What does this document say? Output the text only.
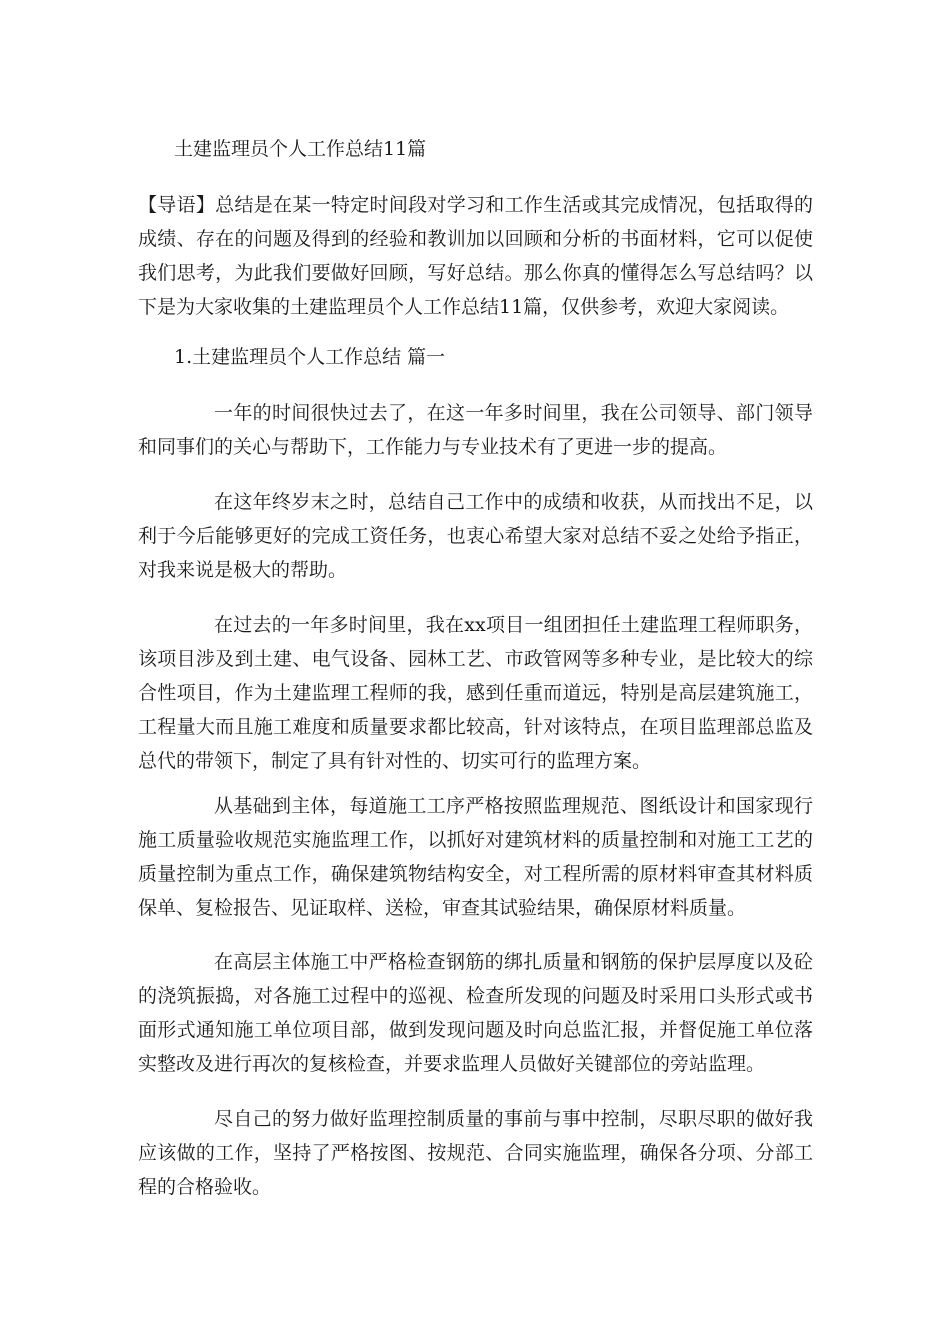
土建监理员个人工作总结11篇
【导语】总结是在某一特定时间段对学习和工作生活或其完成情况，包括取得的成绩、存在的问题及得到的经验和教训加以回顾和分析的书面材料，它可以促使我们思考，为此我们要做好回顾，写好总结。那么你真的懂得怎么写总结吗？以下是为大家收集的土建监理员个人工作总结11篇，仅供参考，欢迎大家阅读。
1.土建监理员个人工作总结 篇一
一年的时间很快过去了，在这一年多时间里，我在公司领导、部门领导和同事们的关心与帮助下，工作能力与专业技术有了更进一步的提高。
在这年终岁末之时，总结自己工作中的成绩和收获，从而找出不足，以利于今后能够更好的完成工资任务，也衷心希望大家对总结不妥之处给予指正，对我来说是极大的帮助。
在过去的一年多时间里，我在xx项目一组团担任土建监理工程师职务，该项目涉及到土建、电气设备、园林工艺、市政管网等多种专业，是比较大的综合性项目，作为土建监理工程师的我，感到任重而道远，特别是高层建筑施工，工程量大而且施工难度和质量要求都比较高，针对该特点，在项目监理部总监及总代的带领下，制定了具有针对性的、切实可行的监理方案。
从基础到主体，每道施工工序严格按照监理规范、图纸设计和国家现行施工质量验收规范实施监理工作，以抓好对建筑材料的质量控制和对施工工艺的质量控制为重点工作，确保建筑物结构安全，对工程所需的原材料审查其材料质保单、复检报告、见证取样、送检，审查其试验结果，确保原材料质量。
在高层主体施工中严格检查钢筋的绑扎质量和钢筋的保护层厚度以及砼的浇筑振捣，对各施工过程中的巡视、检查所发现的问题及时采用口头形式或书面形式通知施工单位项目部，做到发现问题及时向总监汇报，并督促施工单位落实整改及进行再次的复核检查，并要求监理人员做好关键部位的旁站监理。
尽自己的努力做好监理控制质量的事前与事中控制，尽职尽职的做好我应该做的工作，坚持了严格按图、按规范、合同实施监理，确保各分项、分部工程的合格验收。
